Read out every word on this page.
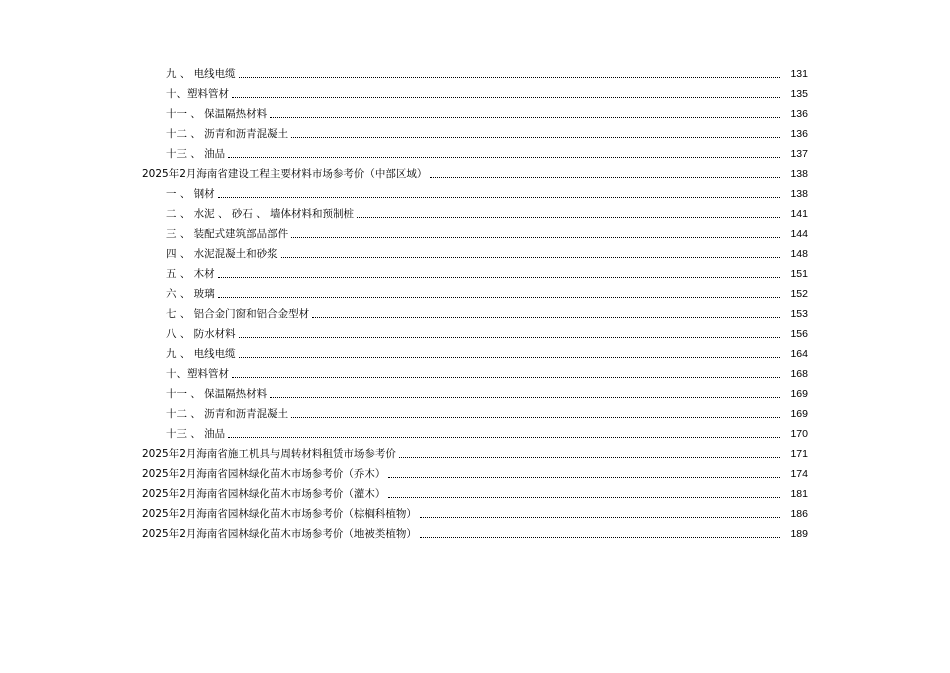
九 、 电线电缆	131
十、塑料管材	135
十一 、 保温隔热材料	136
十二 、 沥青和沥青混凝土	136
十三 、 油品	137
2025年2月海南省建设工程主要材料市场参考价（中部区域）	138
一 、 钢材	138
二 、 水泥 、 砂石 、 墙体材料和预制桩	141
三 、 装配式建筑部品部件	144
四 、 水泥混凝土和砂浆	148
五 、 木材	151
六 、 玻璃	152
七 、 铝合金门窗和铝合金型材	153
八 、 防水材料	156
九 、 电线电缆	164
十、塑料管材	168
十一 、 保温隔热材料	169
十二 、 沥青和沥青混凝土	169
十三 、 油品	170
2025年2月海南省施工机具与周转材料租赁市场参考价	171
2025年2月海南省园林绿化苗木市场参考价（乔木）	174
2025年2月海南省园林绿化苗木市场参考价（灌木）	181
2025年2月海南省园林绿化苗木市场参考价（棕榈科植物）	186
2025年2月海南省园林绿化苗木市场参考价（地被类植物）	189
